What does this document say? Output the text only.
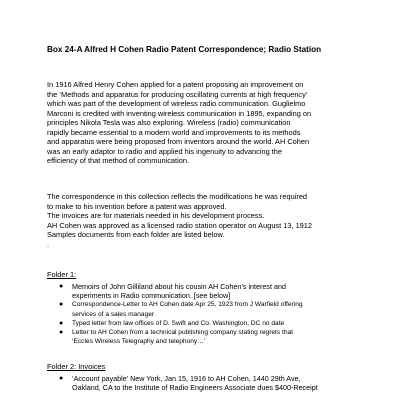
Box 24-A Alfred H Cohen Radio Patent Correspondence; Radio Station

In 1916 Alfred Henry Cohen applied for a patent proposing an improvement on
the ‘Methods and apparatus for producing oscillating currents at high frequency’
which was part of the development of wireless radio communication. Guglielmo
Marconi is credited with inventing wireless communication in 1895, expanding on
principles Nikola Tesla was also exploring. Wireless (radio) communication
rapidly became essential to a modern world and improvements to its methods
and apparatus were being proposed from inventors around the world. AH Cohen
was an early adaptor to radio and applied his ingenuity to advancing the
efficiency of that method of communication.

The correspondence in this collection reflects the modifications he was required
to make to his invention before a patent was approved.
The invoices are for materials needed in his development process.
AH Cohen was approved as a licensed radio station operator on August 13, 1912
Samples documents from each folder are listed below.
.

Folder 1:
● Memoirs of John Gilliland about his cousin AH Cohen’s interest and
experiments in Radio communication. [see below]
● Correspondence-Letter to AH Cohen date Apr 25, 1923 from J Warfield offering
services of a sales manager
● Typed letter from law offices of D. Swift and Co. Washington, DC no date
● Letter to AH Cohen from a technical publishing company stating regrets that
‘Eccles Wireless Telegraphy and telephony…’
Folder 2: Invoices
● ‘Account payable’ New York, Jan 15, 1916 to AH Cohen, 1440 29th Ave,
Oakland, CA to the Institute of Radio Engineers Associate dues $400-Receipt
